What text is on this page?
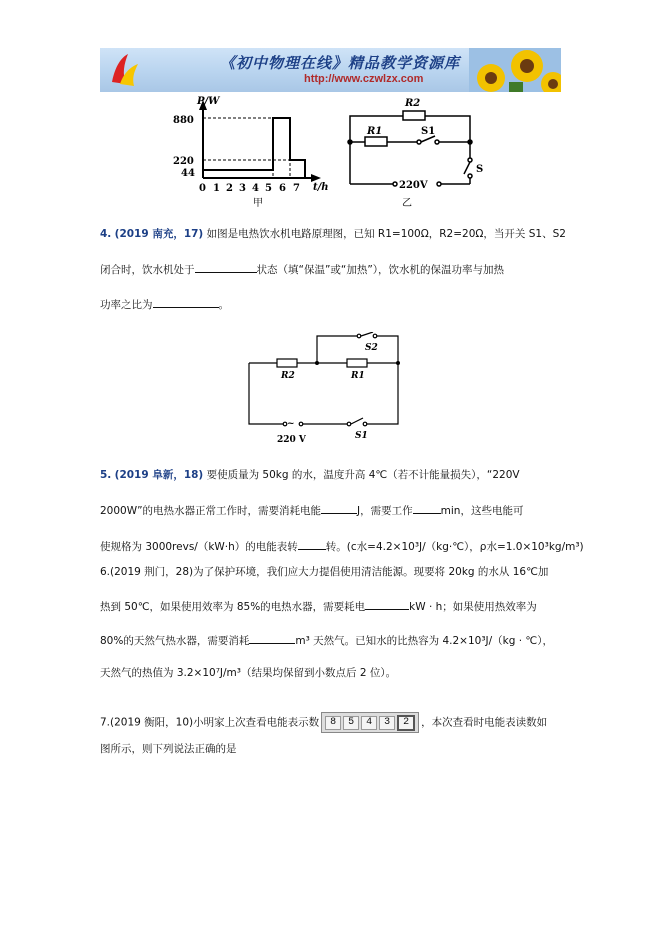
《初中物理在线》精品教学资源库
http://www.czwlzx.com
P/W
t/h
880
220
44
0 1 2 3 4 5 6 7
甲
R2
R1	S1
220V
S
乙
4. (2019 南充，17) 如图是电热饮水机电路原理图，已知 R1=100Ω，R2=20Ω，当开关 S1、S2
闭合时，饮水机处于	状态（填“保温”或“加热”），饮水机的保温功率与加热
功率之比为	。
~
S2
R2	R1
220 V	S1
5. (2019 阜新，18) 要使质量为 50kg 的水，温度升高 4℃（若不计能量损失），“220V
2000W”的电热水器正常工作时，需要消耗电能	J，需要工作	min，这些电能可
使规格为 3000revs/（kW·h）的电能表转	转。(c水=4.2×10³J/（kg·℃），ρ水=1.0×10³kg/m³)
6.(2019 荆门，28)为了保护环境，我们应大力提倡使用清洁能源。现要将 20kg 的水从 16℃加
热到 50℃，如果使用效率为 85%的电热水器，需要耗电	kW · h；如果使用热效率为
80%的天然气热水器，需要消耗	m³ 天然气。已知水的比热容为 4.2×10³J/（kg · ℃），
天然气的热值为 3.2×10⁷J/m³（结果均保留到小数点后 2 位）。
7.(2019 衡阳，10)小明家上次查看电能表示数 8 5 4 3 2 ，本次查看时电能表读数如
图所示，则下列说法正确的是
